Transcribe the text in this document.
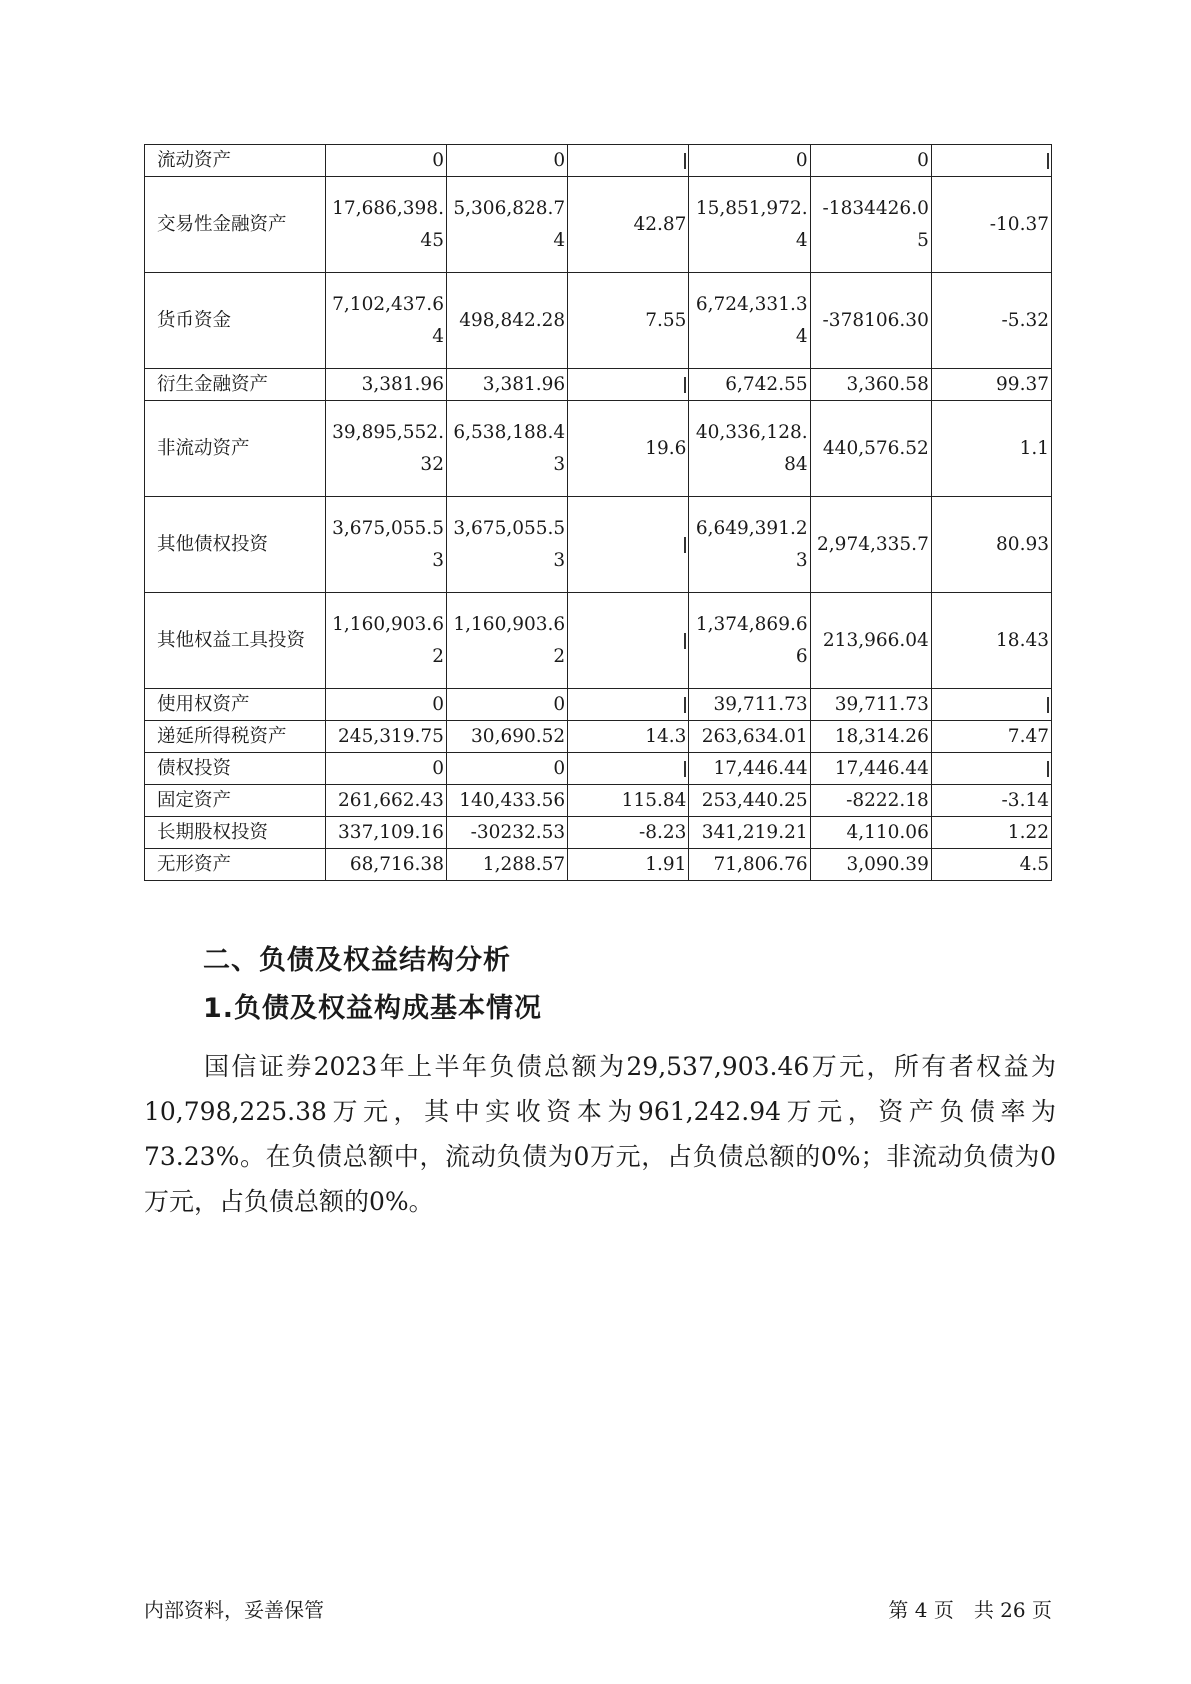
流动资产	0	0		0	0	
交易性金融资产	17,686,398.45	5,306,828.74	42.87	15,851,972.4	-1834426.05	-10.37
货币资金	7,102,437.64	498,842.28	7.55	6,724,331.34	-378106.30	-5.32
衍生金融资产	3,381.96	3,381.96		6,742.55	3,360.58	99.37
非流动资产	39,895,552.32	6,538,188.43	19.6	40,336,128.84	440,576.52	1.1
其他债权投资	3,675,055.53	3,675,055.53		6,649,391.23	2,974,335.7	80.93
其他权益工具投资	1,160,903.62	1,160,903.62		1,374,869.66	213,966.04	18.43
使用权资产	0	0		39,711.73	39,711.73	
递延所得税资产	245,319.75	30,690.52	14.3	263,634.01	18,314.26	7.47
债权投资	0	0		17,446.44	17,446.44	
固定资产	261,662.43	140,433.56	115.84	253,440.25	-8222.18	-3.14
长期股权投资	337,109.16	-30232.53	-8.23	341,219.21	4,110.06	1.22
无形资产	68,716.38	1,288.57	1.91	71,806.76	3,090.39	4.5
二、负债及权益结构分析
1.负债及权益构成基本情况

国信证券2023年上半年负债总额为29,537,903.46万元，所有者权益为10,798,225.38万元，其中实收资本为961,242.94万元，资产负债率为73.23%。在负债总额中，流动负债为0万元，占负债总额的0%；非流动负债为0万元，占负债总额的0%。

内部资料，妥善保管	第 4 页　共 26 页
